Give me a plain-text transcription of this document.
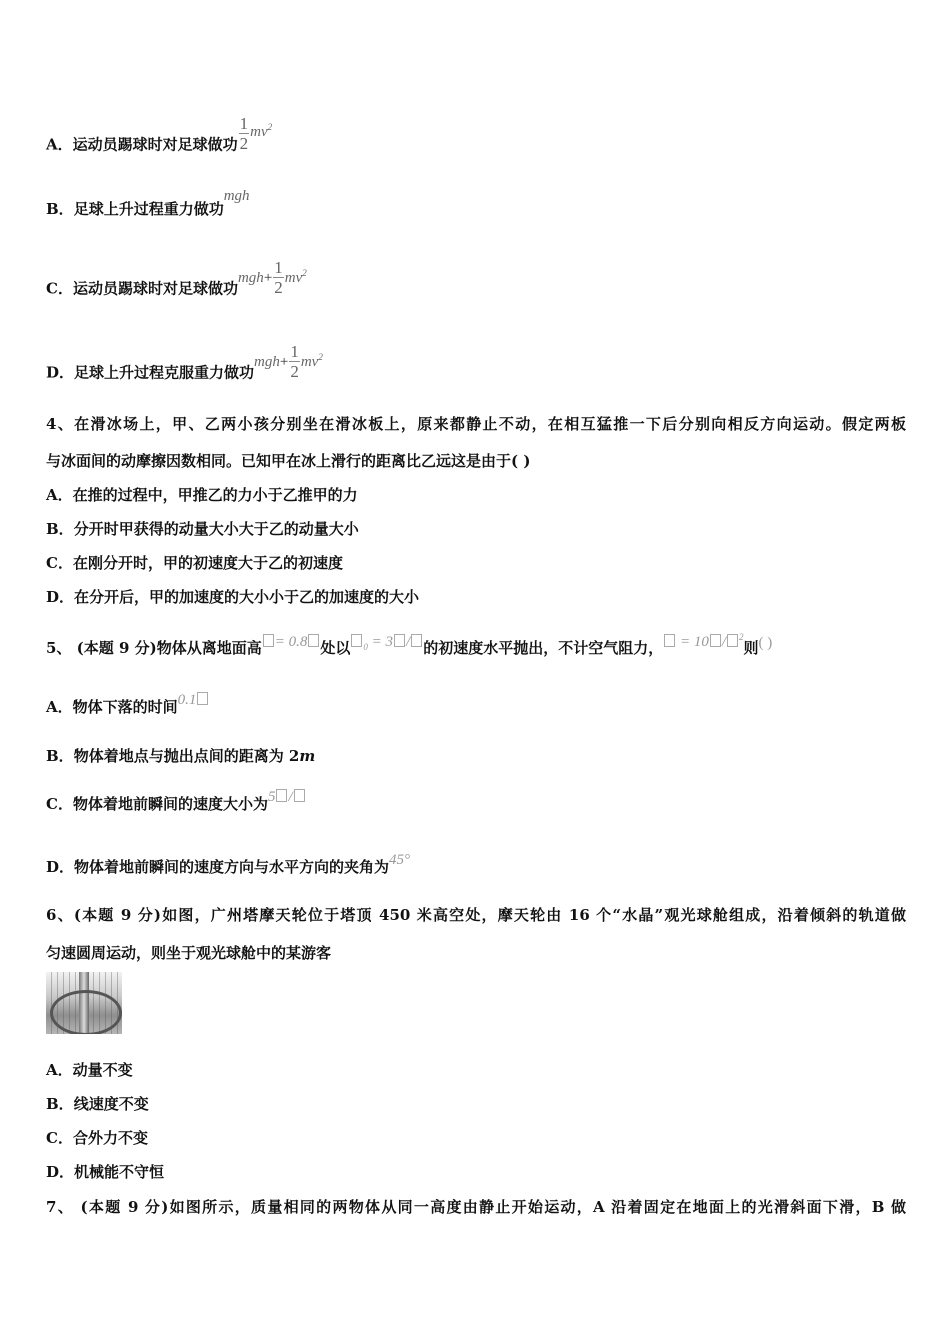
A．运动员踢球时对足球做功 $\frac{1}{2} mv^2$
B．足球上升过程重力做功mgh
C．运动员踢球时对足球做功$mgh+ \frac{1}{2} mv^2$
D．足球上升过程克服重力做功$mgh+ \frac{1}{2} mv^2$
4、在滑冰场上，甲、乙两小孩分别坐在滑冰板上，原来都静止不动，在相互猛推一下后分别向相反方向运动。假定两板
与冰面间的动摩擦因数相同。已知甲在冰上滑行的距离比乙远这是由于( )
A．在推的过程中，甲推乙的力小于乙推甲的力
B．分开时甲获得的动量大小大于乙的动量大小
C．在刚分开时，甲的初速度大于乙的初速度
D．在分开后，甲的加速度的大小小于乙的加速度的大小
5、 (本题 9 分)物体从离地面高 = 0.8 处以 $_0$ = 3 / 的初速度水平抛出，不计空气阻力， = 10 / $^2$则( )
A．物体下落的时间0.1
B．物体着地点与抛出点间的距离为 2m
C．物体着地前瞬间的速度大小为5 /
D．物体着地前瞬间的速度方向与水平方向的夹角为45°
6、(本题 9 分)如图，广州塔摩天轮位于塔顶 450 米高空处，摩天轮由 16 个“水晶”观光球舱组成，沿着倾斜的轨道做
匀速圆周运动，则坐于观光球舱中的某游客
A．动量不变
B．线速度不变
C．合外力不变
D．机械能不守恒
7、 (本题 9 分)如图所示，质量相同的两物体从同一高度由静止开始运动，A 沿着固定在地面上的光滑斜面下滑，B 做
